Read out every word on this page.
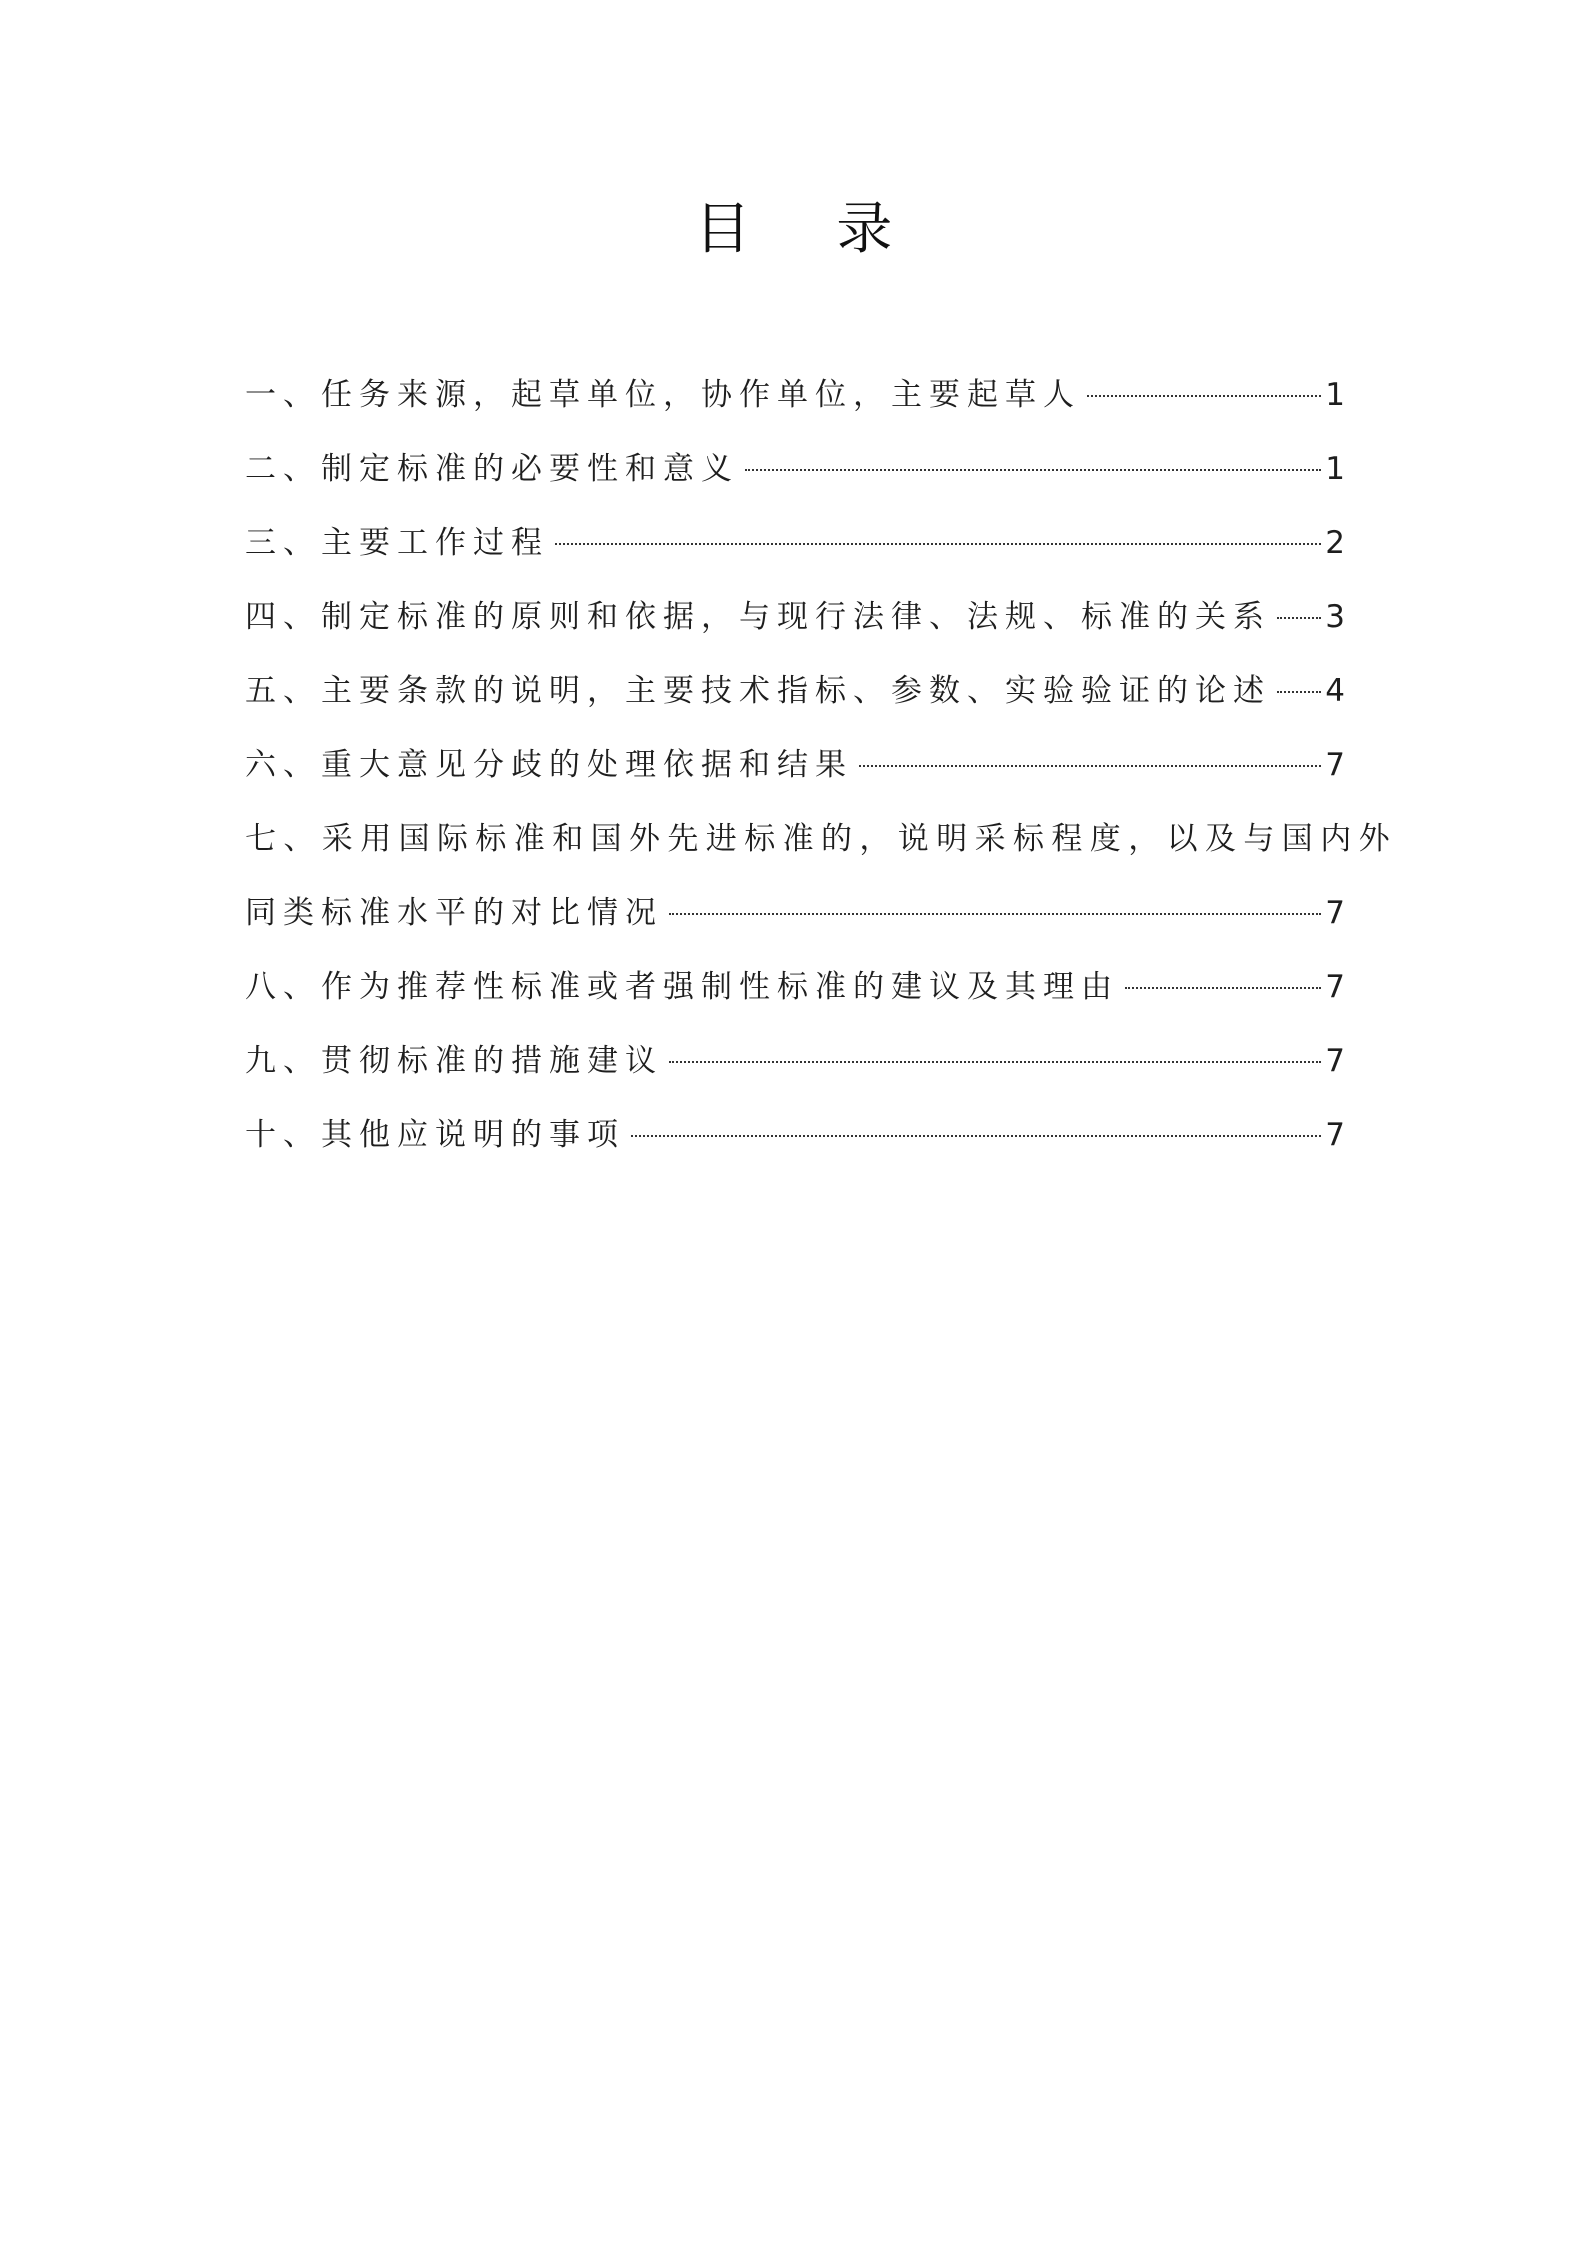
目 录
一、任务来源，起草单位，协作单位，主要起草人	1
二、制定标准的必要性和意义	1
三、主要工作过程	2
四、制定标准的原则和依据，与现行法律、法规、标准的关系 3
五、主要条款的说明，主要技术指标、参数、实验验证的论述 4
六、重大意见分歧的处理依据和结果	7
七、采用国际标准和国外先进标准的，说明采标程度，以及与国内外
同类标准水平的对比情况	7
八、作为推荐性标准或者强制性标准的建议及其理由	7
九、贯彻标准的措施建议	7
十、其他应说明的事项	7
